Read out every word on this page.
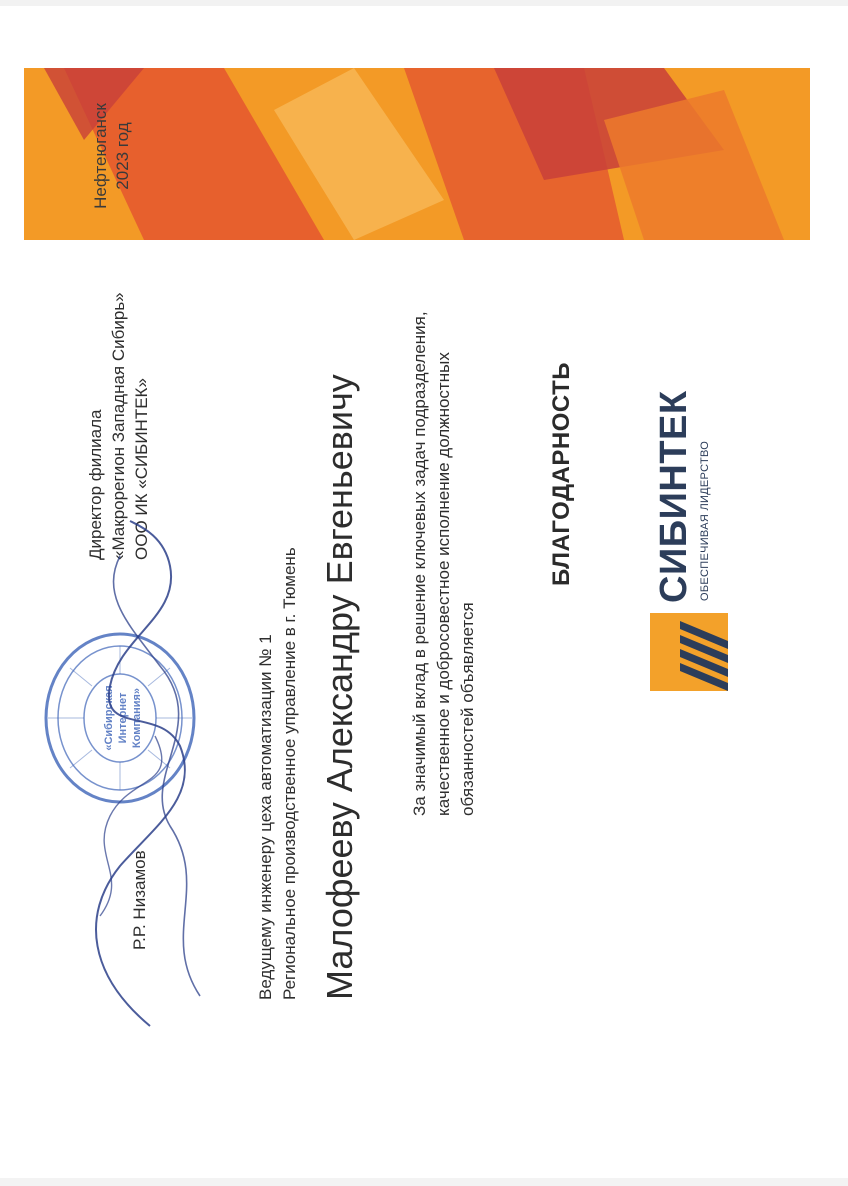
Нефтеюганск 2023 год
СИБИНТЕК ОБЕСПЕЧИВАЯ ЛИДЕРСТВО
БЛАГОДАРНОСТЬ
За значимый вклад в решение ключевых задач подразделения, качественное и добросовестное исполнение должностных обязанностей объявляется
Малофееву Александру Евгеньевичу
Ведущему инженеру цеха автоматизации № 1 Региональное производственное управление в г. Тюмень
Директор филиала «Макрорегион Западная Сибирь» ООО ИК «СИБИНТЕК»
Р.Р. Низамов
«Сибирская Интернет Компания»
